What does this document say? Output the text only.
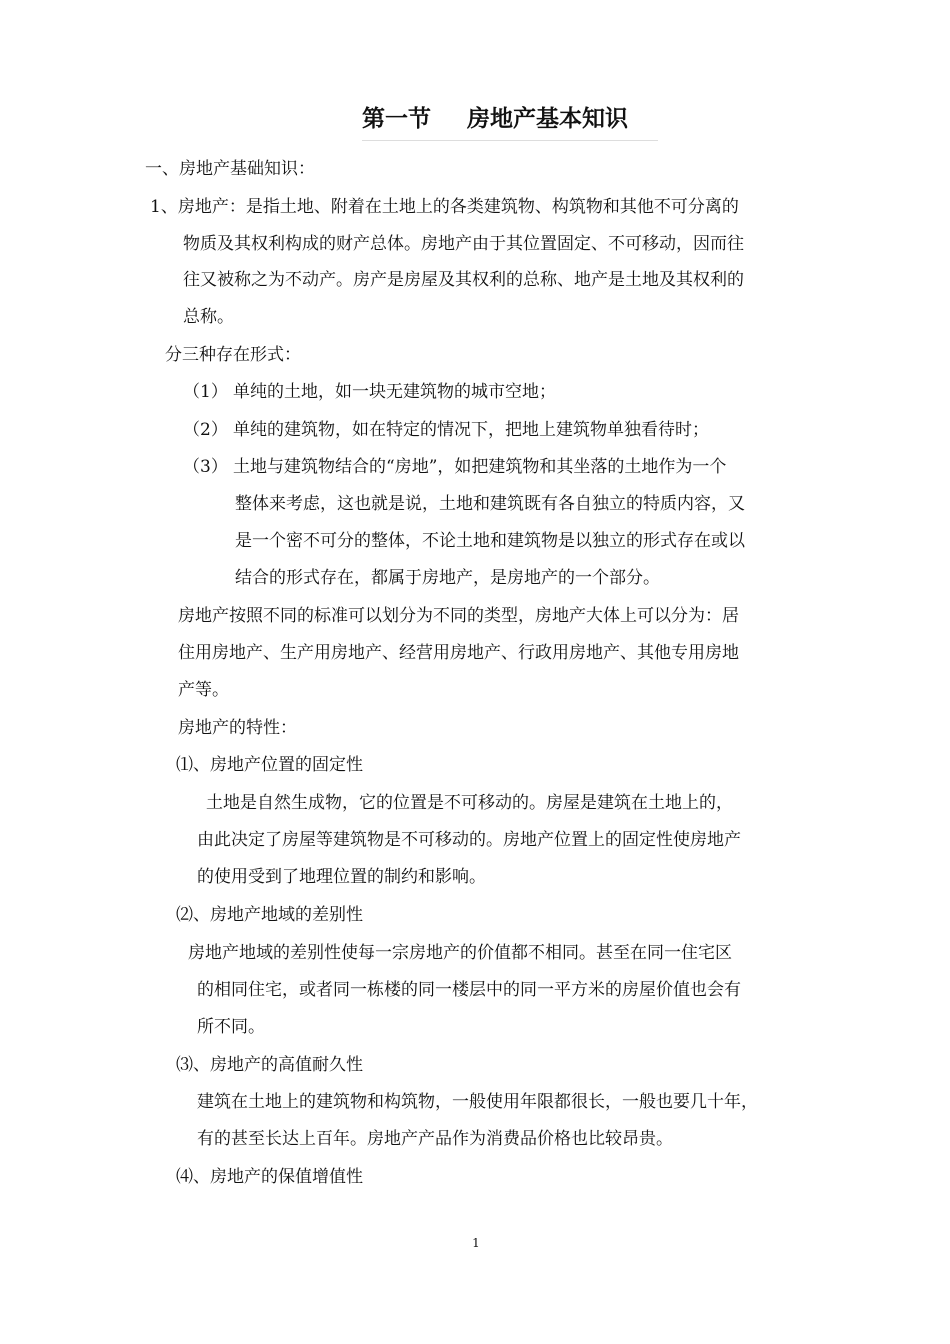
第一节 房地产基本知识
一、房地产基础知识：
1、房地产：是指土地、附着在土地上的各类建筑物、构筑物和其他不可分离的
物质及其权利构成的财产总体。房地产由于其位置固定、不可移动，因而往
往又被称之为不动产。房产是房屋及其权利的总称、地产是土地及其权利的
总称。
分三种存在形式：
（1） 单纯的土地，如一块无建筑物的城市空地；
（2） 单纯的建筑物，如在特定的情况下，把地上建筑物单独看待时；
（3） 土地与建筑物结合的“房地”，如把建筑物和其坐落的土地作为一个
整体来考虑，这也就是说，土地和建筑既有各自独立的特质内容，又
是一个密不可分的整体，不论土地和建筑物是以独立的形式存在或以
结合的形式存在，都属于房地产，是房地产的一个部分。
房地产按照不同的标准可以划分为不同的类型，房地产大体上可以分为：居
住用房地产、生产用房地产、经营用房地产、行政用房地产、其他专用房地
产等。
房地产的特性：
⑴、房地产位置的固定性
土地是自然生成物，它的位置是不可移动的。房屋是建筑在土地上的，
由此决定了房屋等建筑物是不可移动的。房地产位置上的固定性使房地产
的使用受到了地理位置的制约和影响。
⑵、房地产地域的差别性
房地产地域的差别性使每一宗房地产的价值都不相同。甚至在同一住宅区
的相同住宅，或者同一栋楼的同一楼层中的同一平方米的房屋价值也会有
所不同。
⑶、房地产的高值耐久性
建筑在土地上的建筑物和构筑物，一般使用年限都很长，一般也要几十年，
有的甚至长达上百年。房地产产品作为消费品价格也比较昂贵。
⑷、房地产的保值增值性
1
